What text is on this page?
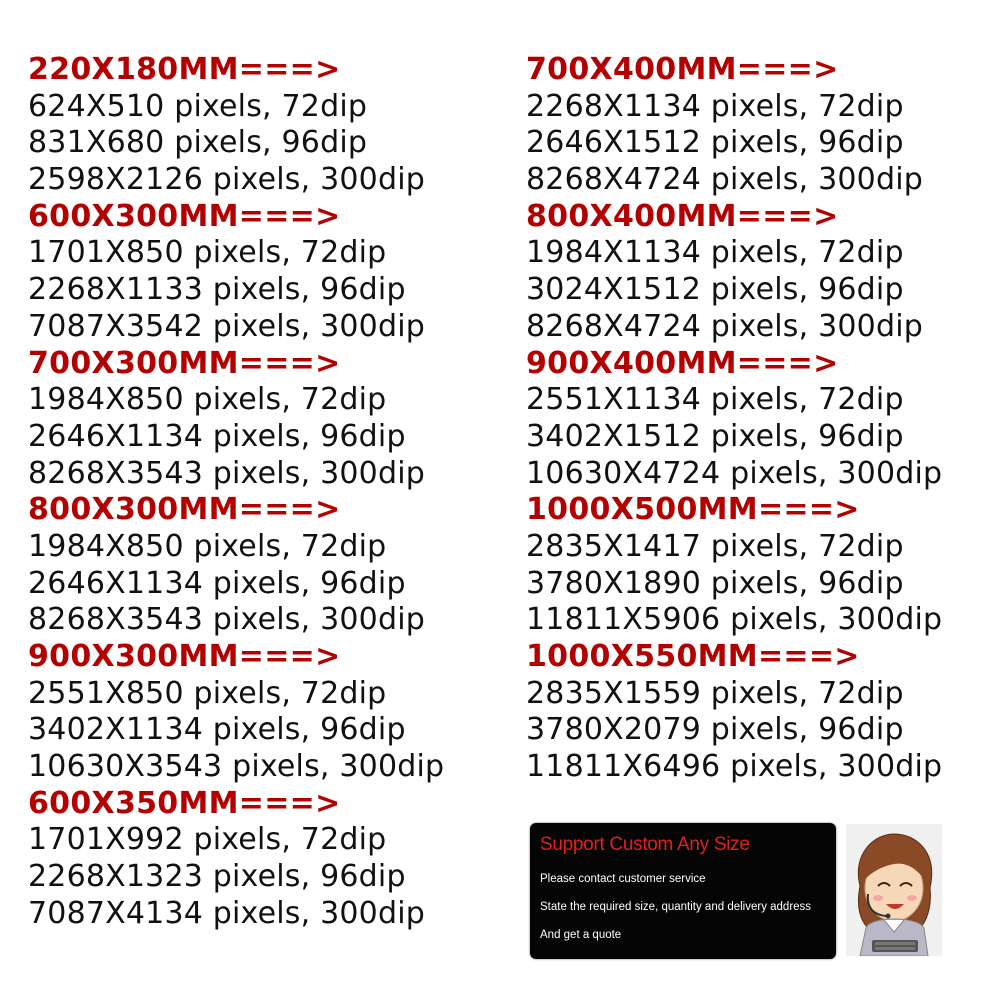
220X180MM===>
624X510 pixels, 72dip
831X680 pixels, 96dip
2598X2126 pixels, 300dip
600X300MM===>
1701X850 pixels, 72dip
2268X1133 pixels, 96dip
7087X3542 pixels, 300dip
700X300MM===>
1984X850 pixels, 72dip
2646X1134 pixels, 96dip
8268X3543 pixels, 300dip
800X300MM===>
1984X850 pixels, 72dip
2646X1134 pixels, 96dip
8268X3543 pixels, 300dip
900X300MM===>
2551X850 pixels, 72dip
3402X1134 pixels, 96dip
10630X3543 pixels, 300dip
600X350MM===>
1701X992 pixels, 72dip
2268X1323 pixels, 96dip
7087X4134 pixels, 300dip
700X400MM===>
2268X1134 pixels, 72dip
2646X1512 pixels, 96dip
8268X4724 pixels, 300dip
800X400MM===>
1984X1134 pixels, 72dip
3024X1512 pixels, 96dip
8268X4724 pixels, 300dip
900X400MM===>
2551X1134 pixels, 72dip
3402X1512 pixels, 96dip
10630X4724 pixels, 300dip
1000X500MM===>
2835X1417 pixels, 72dip
3780X1890 pixels, 96dip
11811X5906 pixels, 300dip
1000X550MM===>
2835X1559 pixels, 72dip
3780X2079 pixels, 96dip
11811X6496 pixels, 300dip
Support Custom Any Size
Please contact customer service
State the required size, quantity and delivery address
And get a quote
